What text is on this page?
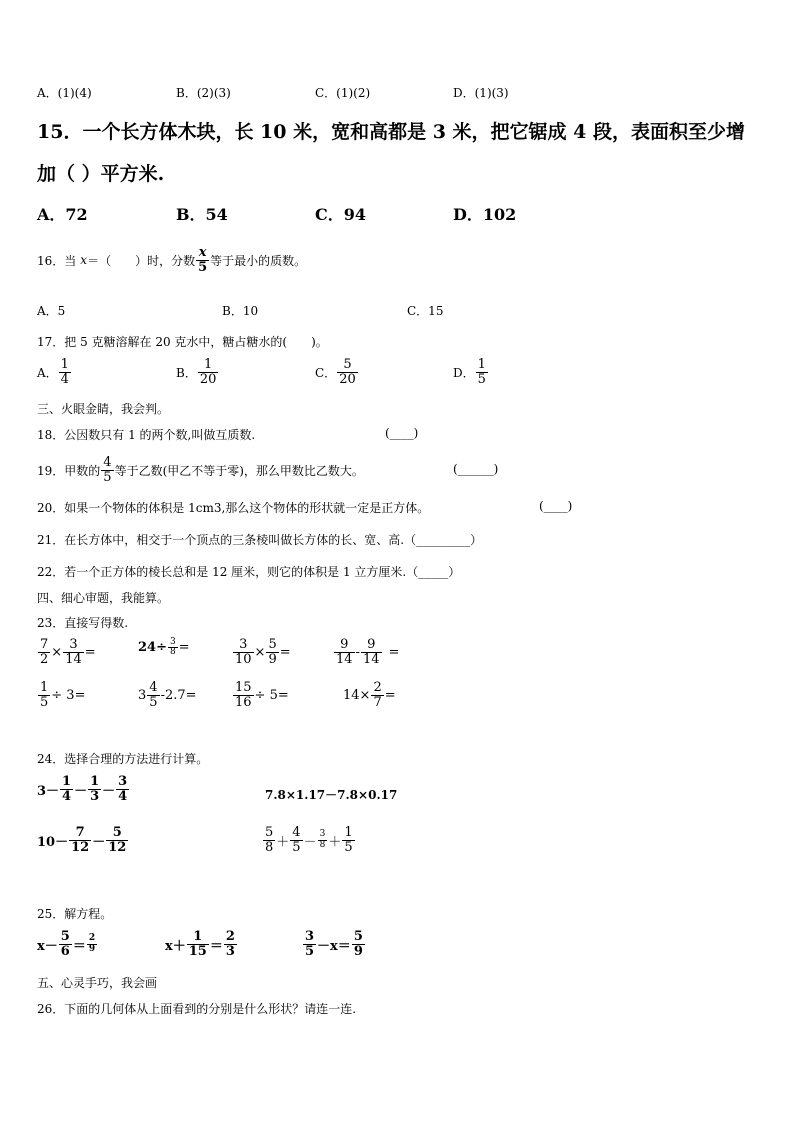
A．(1)(4)	B．(2)(3)	C．(1)(2)	D．(1)(3)
15．一个长方体木块，长 10 米，宽和高都是 3 米，把它锯成 4 段，表面积至少增
加（ ）平方米.
A．72	B．54	C．94	D．102
16．当 x ＝（　　）时，分数 $\frac{x}{5}$ 等于最小的质数。
A．5	B．10	C．15
17．把 5 克糖溶解在 20 克水中，糖占糖水的(　　)。
A． $\frac{1}{4}$	B． $\frac{1}{20}$	C． $\frac{5}{20}$	D． $\frac{1}{5}$
三、火眼金睛，我会判。
18．公因数只有 1 的两个数,叫做互质数.	(____)
19．甲数的 $\frac{4}{5}$ 等于乙数(甲乙不等于零)，那么甲数比乙数大。	(______)
20．如果一个物体的体积是 1cm3,那么这个物体的形状就一定是正方体。	(____)
21．在长方体中，相交于一个顶点的三条棱叫做长方体的长、宽、高.（_________）
22．若一个正方体的棱长总和是 12 厘米，则它的体积是 1 立方厘米.（_____）
四、细心审题，我能算。
23．直接写得数.
$\frac{7}{2} \times \frac{3}{14}$ =	$24\div \frac{3}{8}$ =	$\frac{3}{10} \times \frac{5}{9}$ =	$\frac{9}{14} - \frac{9}{14}$ =
$\frac{1}{5} \div 3=$	$3 \frac{4}{5} -2.7=$	$\frac{15}{16} \div 5=$	$14\times \frac{2}{7}$ =
24．选择合理的方法进行计算。
$3- \frac{1}{4} - \frac{1}{3} - \frac{3}{4}$	7.8×1.17－7.8×0.17
$10- \frac{7}{12} - \frac{5}{12}$	$\frac{5}{8} + \frac{4}{5} - \frac{3}{8} + \frac{1}{5}$
25．解方程。
$x- \frac{5}{6} = \frac{2}{9}$	$x+ \frac{1}{15} = \frac{2}{3}$	$\frac{3}{5} -x= \frac{5}{9}$
五、心灵手巧，我会画
26．下面的几何体从上面看到的分别是什么形状？请连一连.
